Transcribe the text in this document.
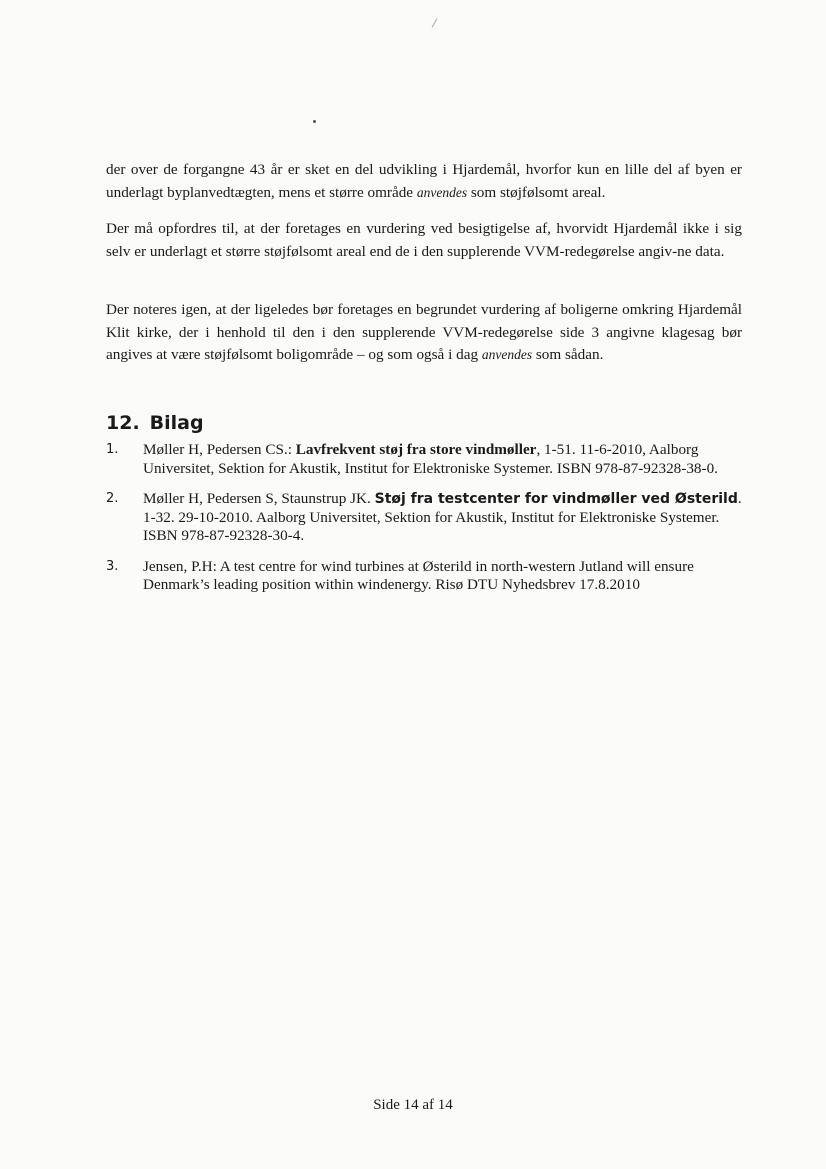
der over de forgangne 43 år er sket en del udvikling i Hjardemål, hvorfor kun en lille del af byen er underlagt byplanvedtægten, mens et større område anvendes som støjfølsomt areal.

Der må opfordres til, at der foretages en vurdering ved besigtigelse af, hvorvidt Hjardemål ikke i sig selv er underlagt et større støjfølsomt areal end de i den supplerende VVM-redegørelse angiv-ne data.

Der noteres igen, at der ligeledes bør foretages en begrundet vurdering af boligerne omkring Hjardemål Klit kirke, der i henhold til den i den supplerende VVM-redegørelse side 3 angivne klagesag bør angives at være støjfølsomt boligområde – og som også i dag anvendes som sådan.

12. Bilag
1. Møller H, Pedersen CS.: Lavfrekvent støj fra store vindmøller, 1-51. 11-6-2010, Aalborg Universitet, Sektion for Akustik, Institut for Elektroniske Systemer. ISBN 978-87-92328-38-0.
2. Møller H, Pedersen S, Staunstrup JK. Støj fra testcenter for vindmøller ved Østerild. 1-32. 29-10-2010. Aalborg Universitet, Sektion for Akustik, Institut for Elektroniske Systemer. ISBN 978-87-92328-30-4.
3. Jensen, P.H: A test centre for wind turbines at Østerild in north-western Jutland will ensure Denmark’s leading position within windenergy. Risø DTU Nyhedsbrev 17.8.2010
Side 14 af 14
